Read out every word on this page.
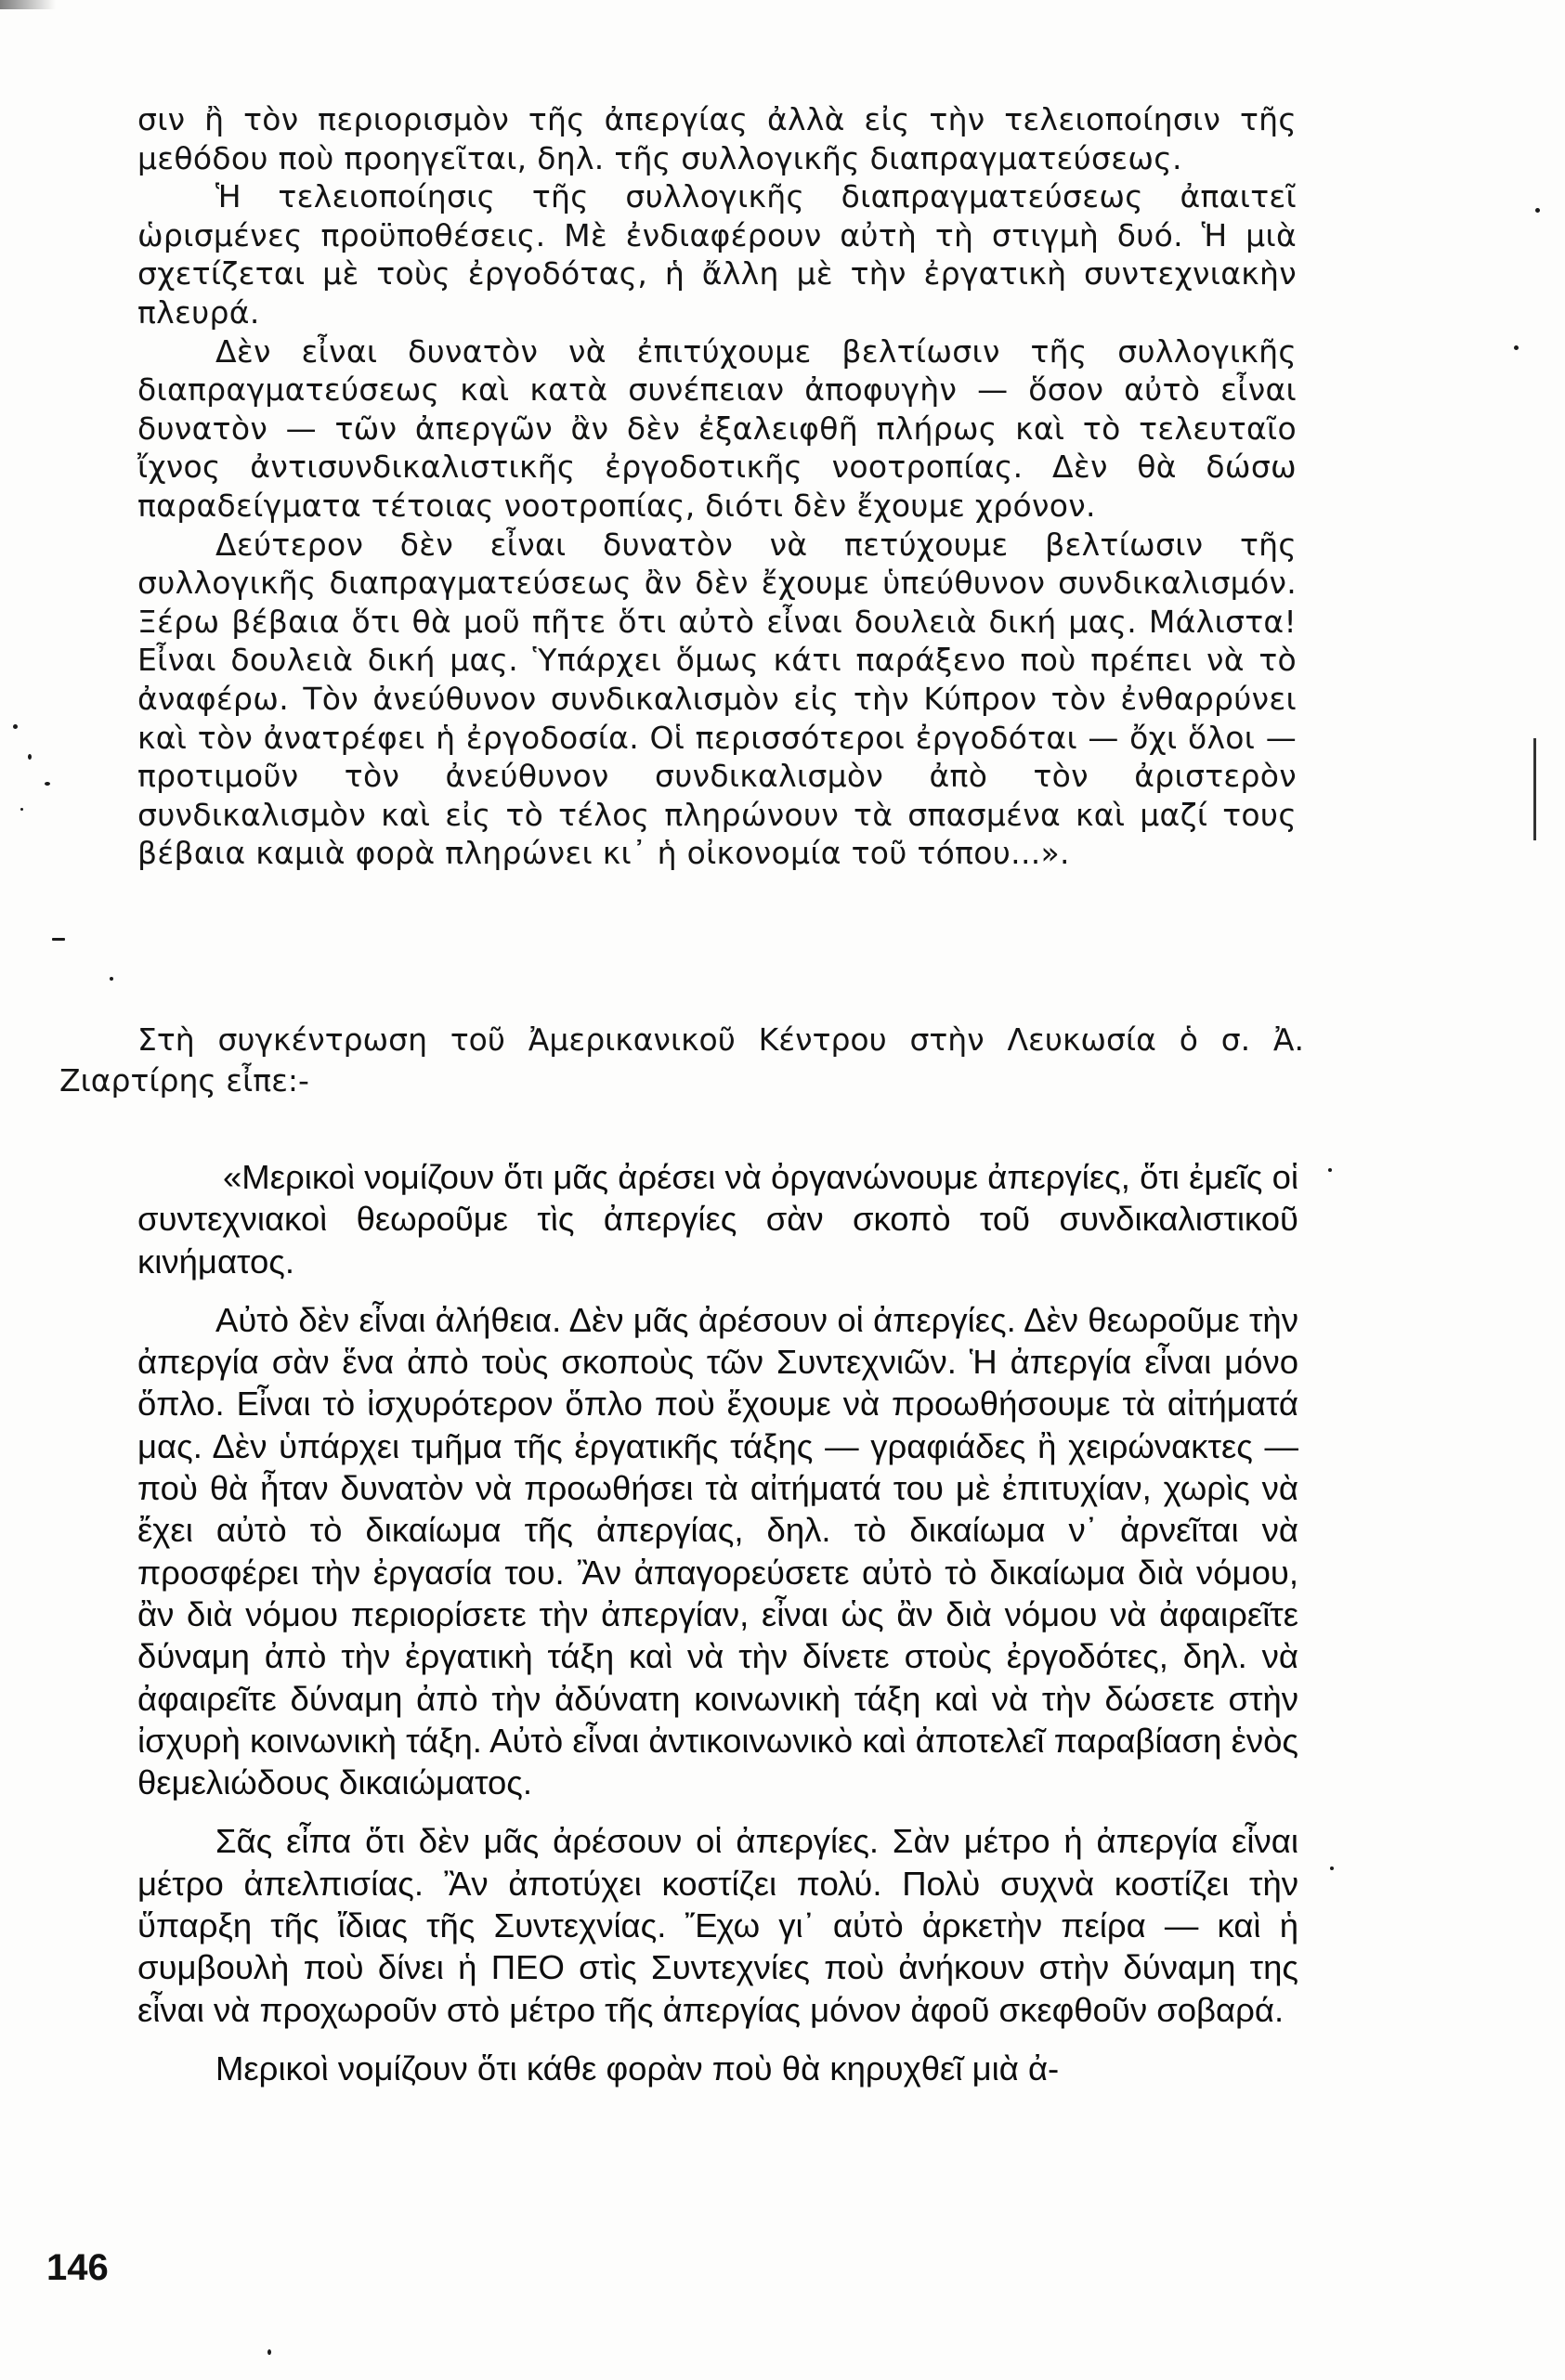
σιν ἢ τὸν περιορισμὸν τῆς ἀπεργίας ἀλλὰ εἰς τὴν τελειοποίησιν τῆς μεθόδου ποὺ προηγεῖται, δηλ. τῆς συλλογικῆς διαπραγματεύσεως.

Ἡ τελειοποίησις τῆς συλλογικῆς διαπραγματεύσεως ἀπαιτεῖ ὡρισμένες προϋποθέσεις. Μὲ ἐνδιαφέρουν αὐτὴ τὴ στιγμὴ δυό. Ἡ μιὰ σχετίζεται μὲ τοὺς ἐργοδότας, ἡ ἄλλη μὲ τὴν ἐργατικὴ συντεχνιακὴν πλευρά.

Δὲν εἶναι δυνατὸν νὰ ἐπιτύχουμε βελτίωσιν τῆς συλλογικῆς διαπραγματεύσεως καὶ κατὰ συνέπειαν ἀποφυγὴν — ὅσον αὐτὸ εἶναι δυνατὸν — τῶν ἀπεργῶν ἂν δὲν ἐξαλειφθῆ πλήρως καὶ τὸ τελευταῖο ἴχνος ἀντισυνδικαλιστικῆς ἐργοδοτικῆς νοοτροπίας. Δὲν θὰ δώσω παραδείγματα τέτοιας νοοτροπίας, διότι δὲν ἔχουμε χρόνον.

Δεύτερον δὲν εἶναι δυνατὸν νὰ πετύχουμε βελτίωσιν τῆς συλλογικῆς διαπραγματεύσεως ἂν δὲν ἔχουμε ὑπεύθυνον συνδικαλισμόν. Ξέρω βέβαια ὅτι θὰ μοῦ πῆτε ὅτι αὐτὸ εἶναι δουλειὰ δική μας. Μάλιστα! Εἶναι δουλειὰ δική μας. Ὑπάρχει ὅμως κάτι παράξενο ποὺ πρέπει νὰ τὸ ἀναφέρω. Τὸν ἀνεύθυνον συνδικαλισμὸν εἰς τὴν Κύπρον τὸν ἐνθαρρύνει καὶ τὸν ἀνατρέφει ἡ ἐργοδοσία. Οἱ περισσότεροι ἐργοδόται — ὄχι ὅλοι — προτιμοῦν τὸν ἀνεύθυνον συνδικαλισμὸν ἀπὸ τὸν ἀριστερὸν συνδικαλισμὸν καὶ εἰς τὸ τέλος πληρώνουν τὰ σπασμένα καὶ μαζί τους βέβαια καμιὰ φορὰ πληρώνει κι᾿ ἡ οἰκονομία τοῦ τόπου...».

Στὴ συγκέντρωση τοῦ Ἀμερικανικοῦ Κέντρου στὴν Λευκωσία ὁ σ. Ἀ. Ζιαρτίρης εἶπε:-

«Μερικοὶ νομίζουν ὅτι μᾶς ἀρέσει νὰ ὀργανώνουμε ἀπεργίες, ὅτι ἐμεῖς οἱ συντεχνιακοὶ θεωροῦμε τὶς ἀπεργίες σὰν σκοπὸ τοῦ συνδικαλιστικοῦ κινήματος.

Αὐτὸ δὲν εἶναι ἀλήθεια. Δὲν μᾶς ἀρέσουν οἱ ἀπεργίες. Δὲν θεωροῦμε τὴν ἀπεργία σὰν ἕνα ἀπὸ τοὺς σκοποὺς τῶν Συντεχνιῶν. Ἡ ἀπεργία εἶναι μόνο ὅπλο. Εἶναι τὸ ἰσχυρότερον ὅπλο ποὺ ἔχουμε νὰ προωθήσουμε τὰ αἰτήματά μας. Δὲν ὑπάρχει τμῆμα τῆς ἐργατικῆς τάξης — γραφιάδες ἢ χειρώνακτες — ποὺ θὰ ἦταν δυνατὸν νὰ προωθήσει τὰ αἰτήματά του μὲ ἐπιτυχίαν, χωρὶς νὰ ἔχει αὐτὸ τὸ δικαίωμα τῆς ἀπεργίας, δηλ. τὸ δικαίωμα ν᾿ ἀρνεῖται νὰ προσφέρει τὴν ἐργασία του. Ἂν ἀπαγορεύσετε αὐτὸ τὸ δικαίωμα διὰ νόμου, ἂν διὰ νόμου περιορίσετε τὴν ἀπεργίαν, εἶναι ὡς ἂν διὰ νόμου νὰ ἀφαιρεῖτε δύναμη ἀπὸ τὴν ἐργατικὴ τάξη καὶ νὰ τὴν δίνετε στοὺς ἐργοδότες, δηλ. νὰ ἀφαιρεῖτε δύναμη ἀπὸ τὴν ἀδύνατη κοινωνικὴ τάξη καὶ νὰ τὴν δώσετε στὴν ἰσχυρὴ κοινωνικὴ τάξη. Αὐτὸ εἶναι ἀντικοινωνικὸ καὶ ἀποτελεῖ παραβίαση ἑνὸς θεμελιώδους δικαιώματος.

Σᾶς εἶπα ὅτι δὲν μᾶς ἀρέσουν οἱ ἀπεργίες. Σὰν μέτρο ἡ ἀπεργία εἶναι μέτρο ἀπελπισίας. Ἂν ἀποτύχει κοστίζει πολύ. Πολὺ συχνὰ κοστίζει τὴν ὕπαρξη τῆς ἴδιας τῆς Συντεχνίας. Ἔχω γι᾿ αὐτὸ ἀρκετὴν πείρα — καὶ ἡ συμβουλὴ ποὺ δίνει ἡ ΠΕΟ στὶς Συντεχνίες ποὺ ἀνήκουν στὴν δύναμη της εἶναι νὰ προχωροῦν στὸ μέτρο τῆς ἀπεργίας μόνον ἀφοῦ σκεφθοῦν σοβαρά.

Μερικοὶ νομίζουν ὅτι κάθε φορὰν ποὺ θὰ κηρυχθεῖ μιὰ ἀ-

146
